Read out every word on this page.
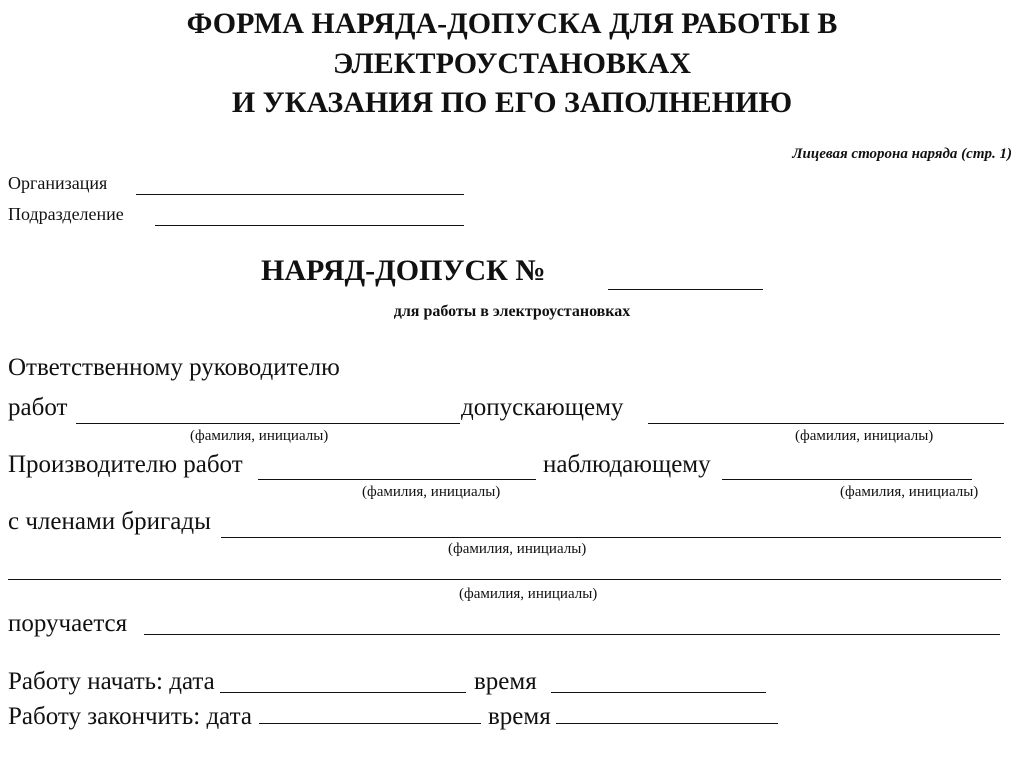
ФОРМА НАРЯДА-ДОПУСКА ДЛЯ РАБОТЫ В
ЭЛЕКТРОУСТАНОВКАХ
И УКАЗАНИЯ ПО ЕГО ЗАПОЛНЕНИЮ
Лицевая сторона наряда (стр. 1)
Организация
Подразделение
НАРЯД-ДОПУСК №
для работы в электроустановках
Ответственному руководителю
работ	допускающему
(фамилия, инициалы)	(фамилия, инициалы)
Производителю работ	наблюдающему
(фамилия, инициалы)	(фамилия, инициалы)
с членами бригады
(фамилия, инициалы)
(фамилия, инициалы)
поручается
Работу начать: дата	время
Работу закончить: дата	время
